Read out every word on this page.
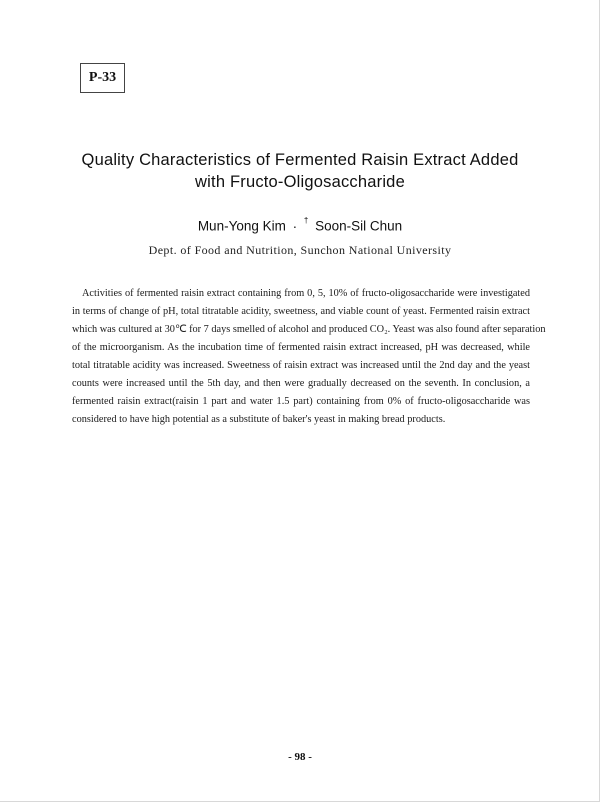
P-33
Quality Characteristics of Fermented Raisin Extract Added
with Fructo-Oligosaccharide
Mun-Yong Kim · † Soon-Sil Chun
Dept. of Food and Nutrition, Sunchon National University
Activities of fermented raisin extract containing from 0, 5, 10% of fructo-oligosaccharide were investigated
in terms of change of pH, total titratable acidity, sweetness, and viable count of yeast. Fermented raisin extract
which was cultured at 30℃ for 7 days smelled of alcohol and produced CO₂. Yeast was also found after separation
of the microorganism. As the incubation time of fermented raisin extract increased, pH was decreased, while
total titratable acidity was increased. Sweetness of raisin extract was increased until the 2nd day and the yeast
counts were increased until the 5th day, and then were gradually decreased on the seventh. In conclusion, a
fermented raisin extract(raisin 1 part and water 1.5 part) containing from 0% of fructo-oligosaccharide was
considered to have high potential as a substitute of baker's yeast in making bread products.
- 98 -
